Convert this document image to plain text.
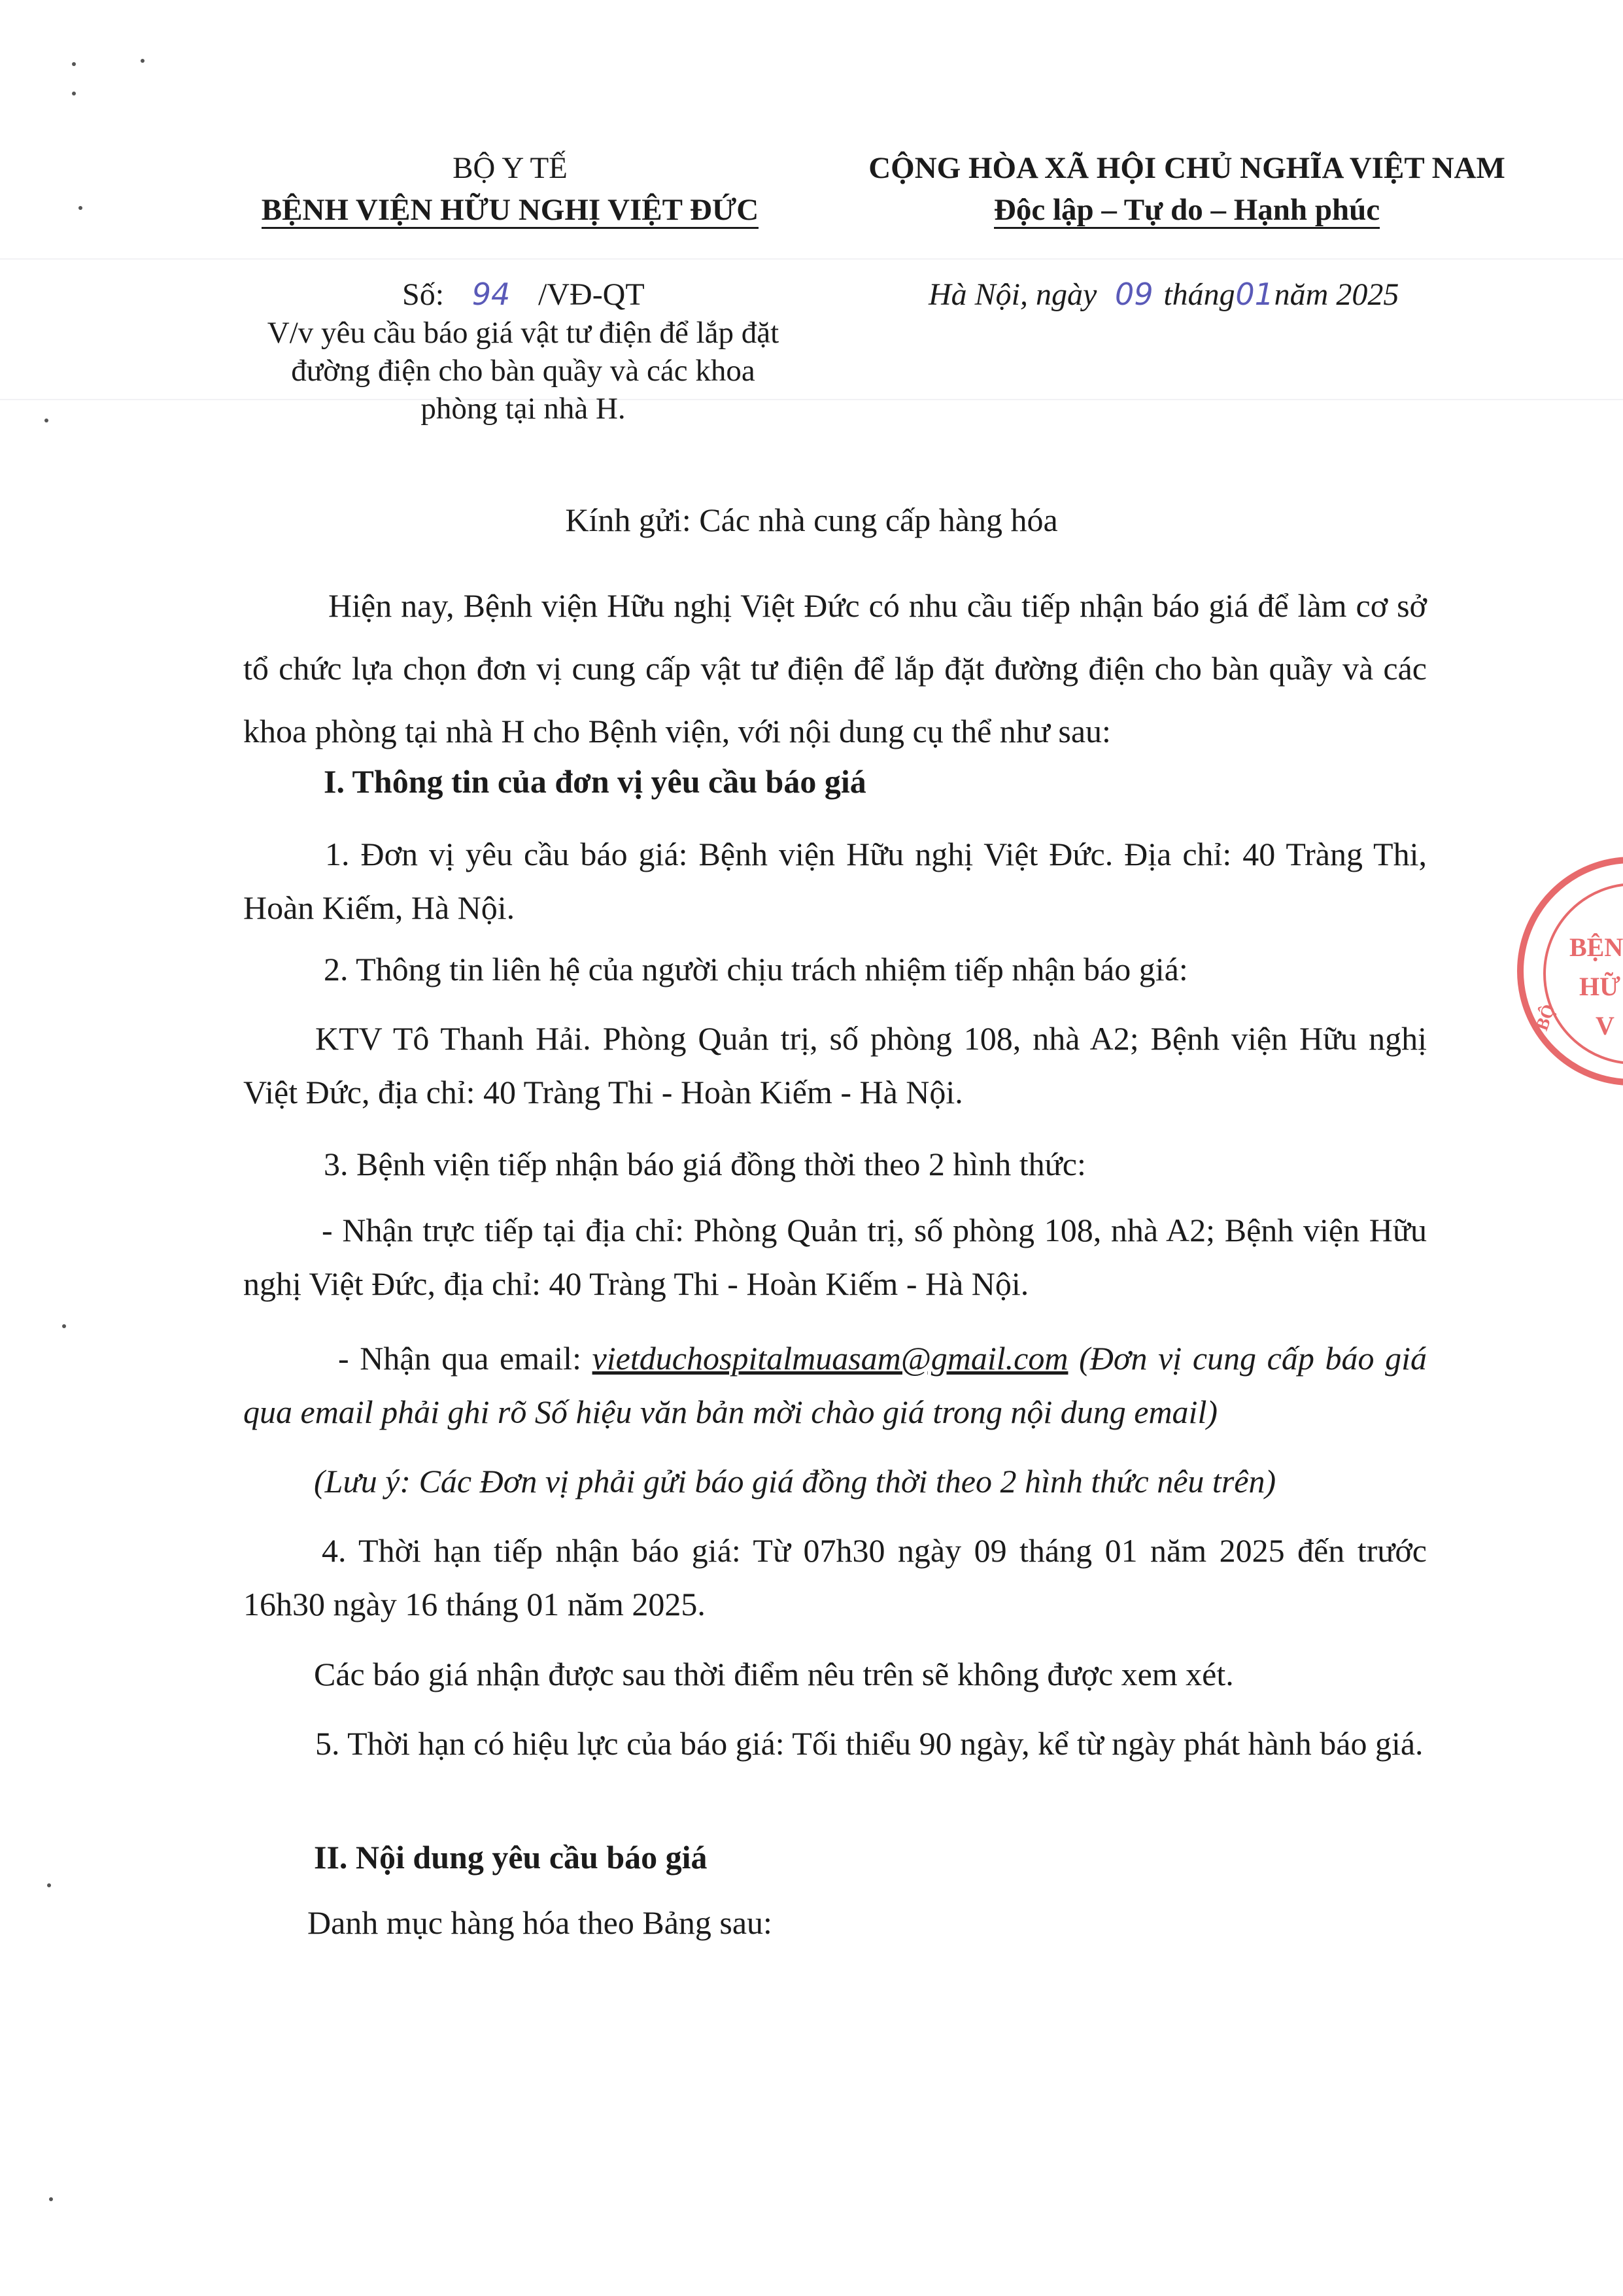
BỘ Y TẾ
BỆNH VIỆN HỮU NGHỊ VIỆT ĐỨC
CỘNG HÒA XÃ HỘI CHỦ NGHĨA VIỆT NAM
Độc lập – Tự do – Hạnh phúc
Số: 94 /VĐ-QT	Hà Nội, ngày 09 tháng01năm 2025
V/v yêu cầu báo giá vật tư điện để lắp đặt
đường điện cho bàn quầy và các khoa
phòng tại nhà H.
Kính gửi: Các nhà cung cấp hàng hóa
Hiện nay, Bệnh viện Hữu nghị Việt Đức có nhu cầu tiếp nhận báo giá để làm cơ sở tổ chức lựa chọn đơn vị cung cấp vật tư điện để lắp đặt đường điện cho bàn quầy và các khoa phòng tại nhà H cho Bệnh viện, với nội dung cụ thể như sau:
I. Thông tin của đơn vị yêu cầu báo giá
1. Đơn vị yêu cầu báo giá: Bệnh viện Hữu nghị Việt Đức. Địa chỉ: 40 Tràng Thi, Hoàn Kiếm, Hà Nội.
2. Thông tin liên hệ của người chịu trách nhiệm tiếp nhận báo giá:
KTV Tô Thanh Hải. Phòng Quản trị, số phòng 108, nhà A2; Bệnh viện Hữu nghị Việt Đức, địa chỉ: 40 Tràng Thi - Hoàn Kiếm - Hà Nội.
3. Bệnh viện tiếp nhận báo giá đồng thời theo 2 hình thức:
- Nhận trực tiếp tại địa chỉ: Phòng Quản trị, số phòng 108, nhà A2; Bệnh viện Hữu nghị Việt Đức, địa chỉ: 40 Tràng Thi - Hoàn Kiếm - Hà Nội.
- Nhận qua email: vietduchospitalmuasam@gmail.com (Đơn vị cung cấp báo giá qua email phải ghi rõ Số hiệu văn bản mời chào giá trong nội dung email)
(Lưu ý: Các Đơn vị phải gửi báo giá đồng thời theo 2 hình thức nêu trên)
4. Thời hạn tiếp nhận báo giá: Từ 07h30 ngày 09 tháng 01 năm 2025 đến trước 16h30 ngày 16 tháng 01 năm 2025.
Các báo giá nhận được sau thời điểm nêu trên sẽ không được xem xét.
5. Thời hạn có hiệu lực của báo giá: Tối thiểu 90 ngày, kể từ ngày phát hành báo giá.
II. Nội dung yêu cầu báo giá
Danh mục hàng hóa theo Bảng sau:
BỆN
HỮ
V
BỘ
